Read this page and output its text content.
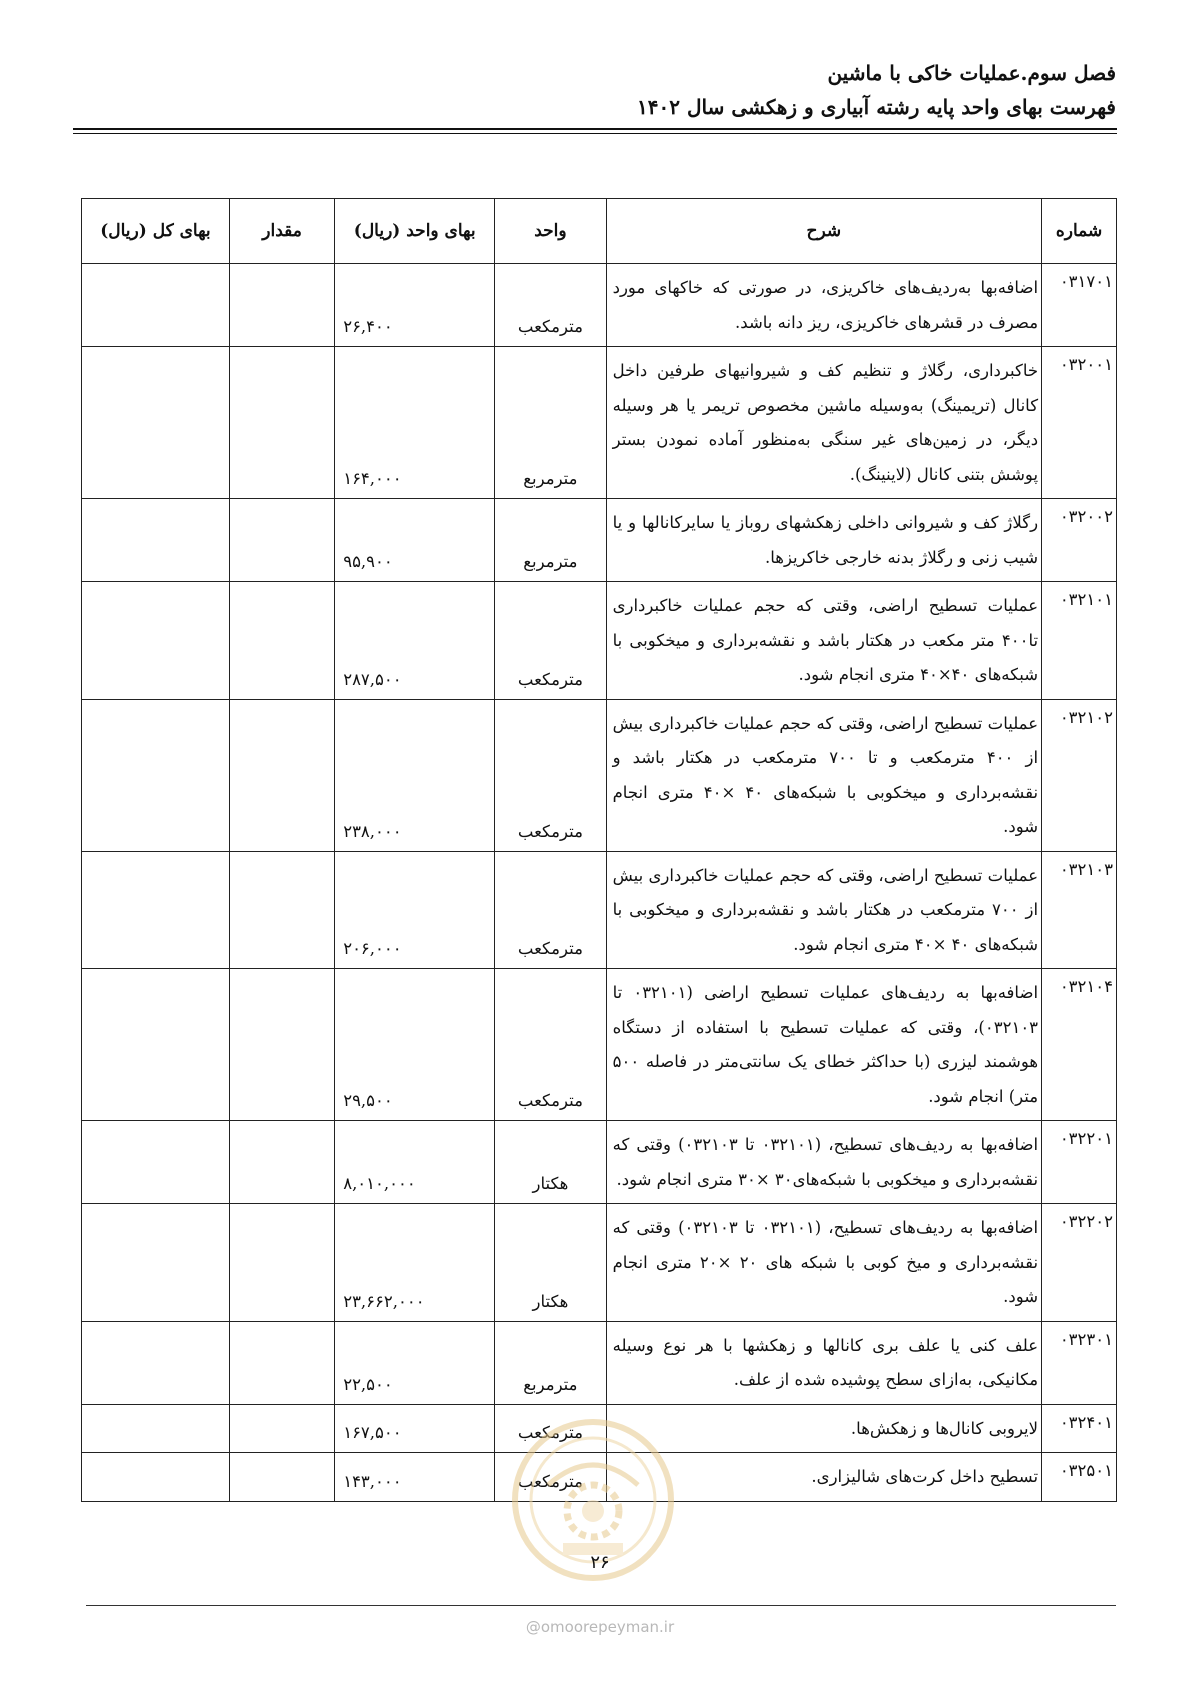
فصل سوم.عملیات خاکی با ماشین
فهرست بهای واحد پایه رشته آبیاری و زهکشی سال ۱۴۰۲
شماره	شرح	واحد	بهای واحد (ریال)	مقدار	بهای کل (ریال)
۰۳۱۷۰۱	اضافه‌بها به‌ردیف‌های خاکریزی، در صورتی که خاکهای مورد مصرف در قشرهای خاکریزی، ریز دانه باشد.	مترمکعب	۲۶,۴۰۰		
۰۳۲۰۰۱	خاکبرداری، رگلاژ و تنظیم کف و شیروانیهای طرفین داخل کانال (تریمینگ) به‌وسیله ماشین مخصوص تریمر یا هر وسیله دیگر، در زمین‌های غیر سنگی به‌منظور آماده نمودن بستر پوشش بتنی کانال (لاینینگ).	مترمربع	۱۶۴,۰۰۰		
۰۳۲۰۰۲	رگلاژ کف و شیروانی داخلی زهکشهای روباز یا سایرکانالها و یا شیب زنی و رگلاژ بدنه خارجی خاکریزها.	مترمربع	۹۵,۹۰۰		
۰۳۲۱۰۱	عملیات تسطیح اراضی، وقتی که حجم عملیات خاکبرداری تا۴۰۰ متر مکعب در هکتار باشد و نقشه‌برداری و میخکوبی با شبکه‌های ۴۰×۴۰ متری انجام شود.	مترمکعب	۲۸۷,۵۰۰		
۰۳۲۱۰۲	عملیات تسطیح اراضی، وقتی که حجم عملیات خاکبرداری بیش از ۴۰۰ مترمکعب و تا ۷۰۰ مترمکعب در هکتار باشد و نقشه‌برداری و میخکوبی با شبکه‌های ۴۰ ×۴۰ متری انجام شود.	مترمکعب	۲۳۸,۰۰۰		
۰۳۲۱۰۳	عملیات تسطیح اراضی، وقتی که حجم عملیات خاکبرداری بیش از ۷۰۰ مترمکعب در هکتار باشد و نقشه‌برداری و میخکوبی با شبکه‌های ۴۰ ×۴۰ متری انجام شود.	مترمکعب	۲۰۶,۰۰۰		
۰۳۲۱۰۴	اضافه‌بها به ردیف‌های عملیات تسطیح اراضی (۰۳۲۱۰۱ تا ۰۳۲۱۰۳)، وقتی که عملیات تسطیح با استفاده از دستگاه هوشمند لیزری (با حداکثر خطای یک سانتی‌متر در فاصله ۵۰۰ متر) انجام شود.	مترمکعب	۲۹,۵۰۰		
۰۳۲۲۰۱	اضافه‌بها به ردیف‌های تسطیح، (۰۳۲۱۰۱ تا ۰۳۲۱۰۳) وقتی که نقشه‌برداری و میخکوبی با شبکه‌های۳۰ ×۳۰ متری انجام شود.	هکتار	۸,۰۱۰,۰۰۰		
۰۳۲۲۰۲	اضافه‌بها به ردیف‌های تسطیح، (۰۳۲۱۰۱ تا ۰۳۲۱۰۳) وقتی که نقشه‌برداری و میخ کوبی با شبکه های ۲۰ ×۲۰ متری انجام شود.	هکتار	۲۳,۶۶۲,۰۰۰		
۰۳۲۳۰۱	علف کنی یا علف بری کانالها و زهکشها با هر نوع وسیله مکانیکی، به‌ازای سطح پوشیده شده از علف.	مترمربع	۲۲,۵۰۰		
۰۳۲۴۰۱	لایروبی کانال‌ها و زهکش‌ها.	مترمکعب	۱۶۷,۵۰۰		
۰۳۲۵۰۱	تسطیح داخل کرت‌های شالیزاری.	مترمکعب	۱۴۳,۰۰۰		
۲۶
@omoorepeyman.ir
